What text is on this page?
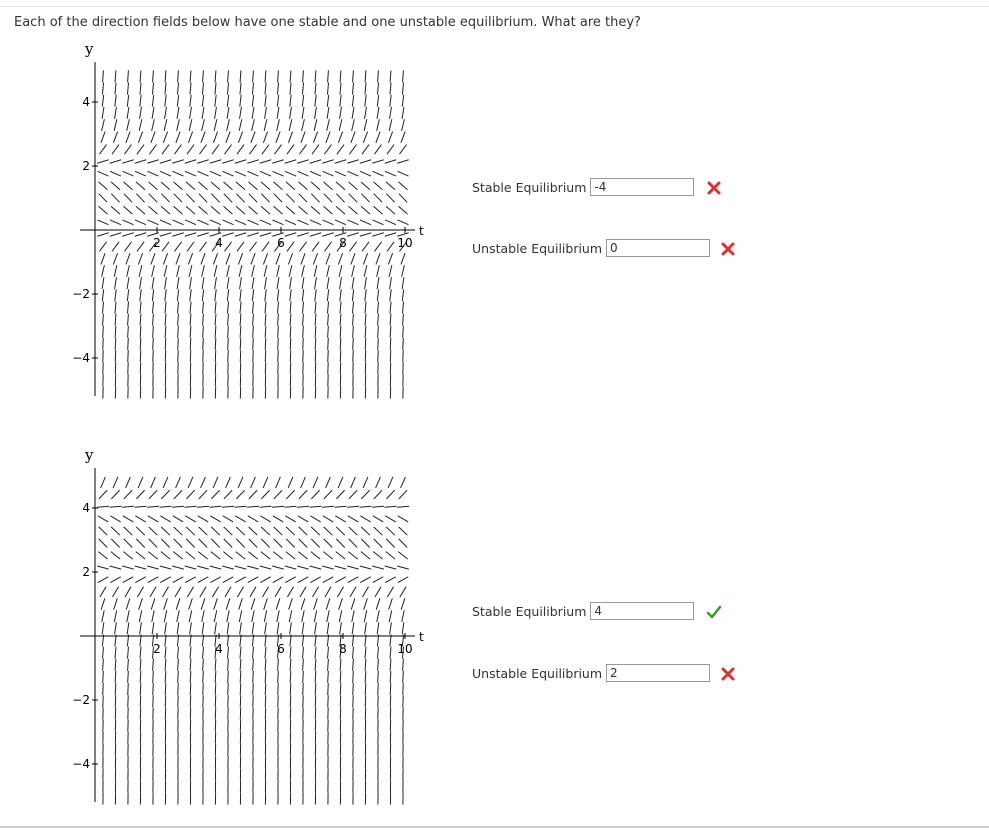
Each of the direction fields below have one stable and one unstable equilibrium. What are they?
y
t
2	4	6	8	10
4
2
−2
−4
y
t
2	4	6	8	10
4
2
−2
−4
Stable Equilibrium
-4
Unstable Equilibrium
0
Stable Equilibrium
4
Unstable Equilibrium
2
